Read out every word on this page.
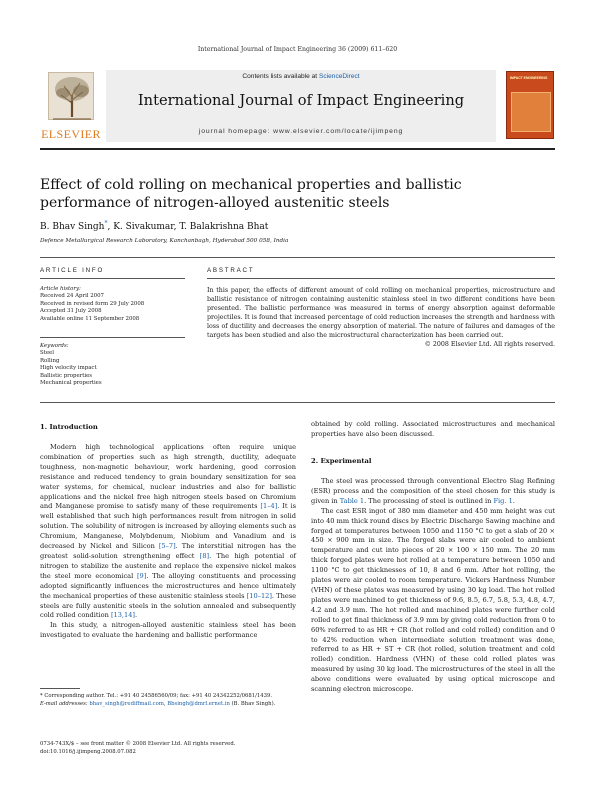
International Journal of Impact Engineering 36 (2009) 611–620
ELSEVIER
Contents lists available at ScienceDirect
International Journal of Impact Engineering
journal homepage: www.elsevier.com/locate/ijimpeng
IMPACT ENGINEERING
Effect of cold rolling on mechanical properties and ballistic performance of nitrogen-alloyed austenitic steels
B. Bhav Singh*, K. Sivakumar, T. Balakrishna Bhat
Defence Metallurgical Research Laboratory, Kanchanbagh, Hyderabad 500 058, India
ARTICLE INFO	ABSTRACT
Article history:
Received 24 April 2007
Received in revised form 29 July 2008
Accepted 31 July 2008
Available online 11 September 2008
Keywords:
Steel
Rolling
High velocity impact
Ballistic properties
Mechanical properties
In this paper, the effects of different amount of cold rolling on mechanical properties, microstructure and ballistic resistance of nitrogen containing austenitic stainless steel in two different conditions have been presented. The ballistic performance was measured in terms of energy absorption against deformable projectiles. It is found that increased percentage of cold reduction increases the strength and hardness with loss of ductility and decreases the energy absorption of material. The nature of failures and damages of the targets has been studied and also the microstructural characterization has been carried out.
© 2008 Elsevier Ltd. All rights reserved.
1. Introduction

Modern high technological applications often require unique combination of properties such as high strength, ductility, adequate toughness, non-magnetic behaviour, work hardening, good corrosion resistance and reduced tendency to grain boundary sensitization for sea water systems, for chemical, nuclear industries and also for ballistic applications and the nickel free high nitrogen steels based on Chromium and Manganese promise to satisfy many of these requirements [1–4]. It is well established that such high performances result from nitrogen in solid solution. The solubility of nitrogen is increased by alloying elements such as Chromium, Manganese, Molybdenum, Niobium and Vanadium and is decreased by Nickel and Silicon [5–7]. The interstitial nitrogen has the greatest solid-solution strengthening effect [8]. The high potential of nitrogen to stabilize the austenite and replace the expensive nickel makes the steel more economical [9]. The alloying constituents and processing adopted significantly influences the microstructures and hence ultimately the mechanical properties of these austenitic stainless steels [10–12]. These steels are fully austenitic steels in the solution annealed and subsequently cold rolled condition [13,14].

In this study, a nitrogen-alloyed austenitic stainless steel has been investigated to evaluate the hardening and ballistic performance

* Corresponding author. Tel.: +91 40 24586560/09; fax: +91 40 24342252/0681/1439.
E-mail addresses: bhav_singh@rediffmail.com, Bbsingh@dmrl.ernet.in (B. Bhav Singh).
0734-743X/$ – see front matter © 2008 Elsevier Ltd. All rights reserved.
doi:10.1016/j.ijimpeng.2008.07.082
obtained by cold rolling. Associated microstructures and mechanical properties have also been discussed.
2. Experimental

The steel was processed through conventional Electro Slag Refining (ESR) process and the composition of the steel chosen for this study is given in Table 1. The processing of steel is outlined in Fig. 1.

The cast ESR ingot of 380 mm diameter and 450 mm height was cut into 40 mm thick round discs by Electric Discharge Sawing machine and forged at temperatures between 1050 and 1150 °C to get a slab of 20 × 450 × 900 mm in size. The forged slabs were air cooled to ambient temperature and cut into pieces of 20 × 100 × 150 mm. The 20 mm thick forged plates were hot rolled at a temperature between 1050 and 1100 °C to get thicknesses of 10, 8 and 6 mm. After hot rolling, the plates were air cooled to room temperature. Vickers Hardness Number (VHN) of these plates was measured by using 30 kg load. The hot rolled plates were machined to get thickness of 9.6, 8.5, 6.7, 5.8, 5.3, 4.8, 4.7, 4.2 and 3.9 mm. The hot rolled and machined plates were further cold rolled to get final thickness of 3.9 mm by giving cold reduction from 0 to 60% referred to as HR + CR (hot rolled and cold rolled) condition and 0 to 42% reduction when intermediate solution treatment was done, referred to as HR + ST + CR (hot rolled, solution treatment and cold rolled) condition. Hardness (VHN) of these cold rolled plates was measured by using 30 kg load. The microstructures of the steel in all the above conditions were evaluated by using optical microscope and scanning electron microscope.
